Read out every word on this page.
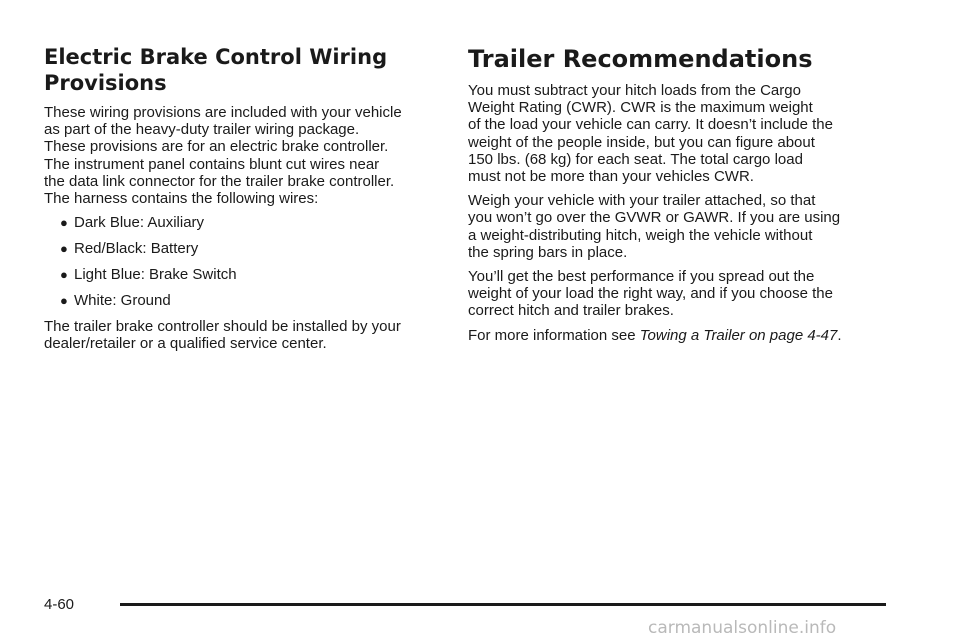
Electric Brake Control Wiring
Provisions

These wiring provisions are included with your vehicle
as part of the heavy-duty trailer wiring package.
These provisions are for an electric brake controller.
The instrument panel contains blunt cut wires near
the data link connector for the trailer brake controller.
The harness contains the following wires:

● Dark Blue: Auxiliary
● Red/Black: Battery
● Light Blue: Brake Switch
● White: Ground

The trailer brake controller should be installed by your
dealer/retailer or a qualified service center.

Trailer Recommendations

You must subtract your hitch loads from the Cargo
Weight Rating (CWR). CWR is the maximum weight
of the load your vehicle can carry. It doesn’t include the
weight of the people inside, but you can figure about
150 lbs. (68 kg) for each seat. The total cargo load
must not be more than your vehicles CWR.

Weigh your vehicle with your trailer attached, so that
you won’t go over the GVWR or GAWR. If you are using
a weight-distributing hitch, weigh the vehicle without
the spring bars in place.

You’ll get the best performance if you spread out the
weight of your load the right way, and if you choose the
correct hitch and trailer brakes.

For more information see Towing a Trailer on page 4-47.

4-60
carmanualsonline.info
